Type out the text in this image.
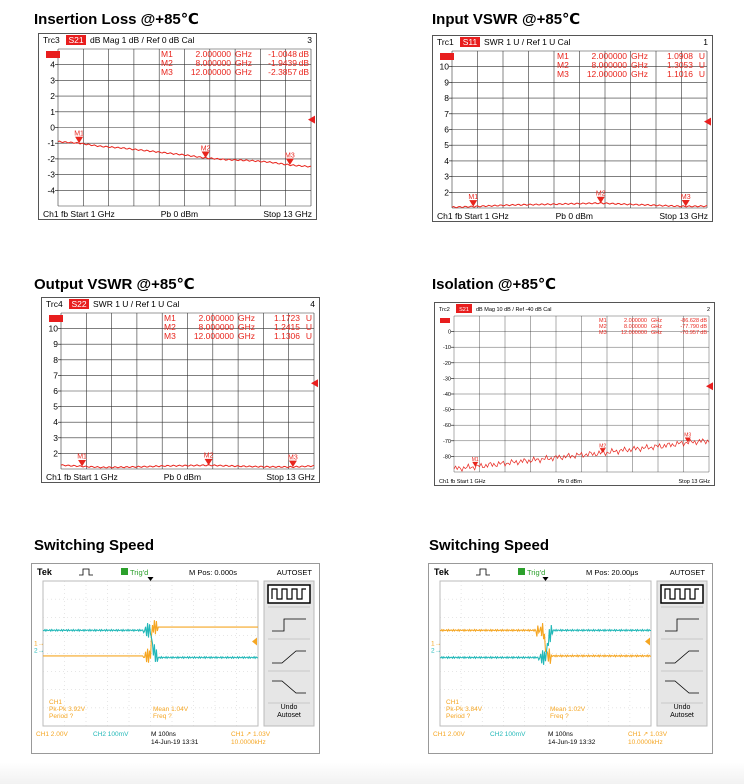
Insertion Loss @+85℃	Input VSWR @+85℃
Output VSWR @+85℃	Isolation @+85℃
Switching Speed	Switching Speed
Trc3 S21 dB Mag 1 dB / Ref 0 dB Cal	3
4
3
2
1
0
-1
-2
-3
-4
M1	2.000000 GHz -1.0048 dB
M2	8.000000 GHz -1.9439 dB
M3 12.000000 GHz -2.3857 dB
M1
M2
M3
Ch1 fb Start 1 GHz	Pb 0 dBm	Stop 13 GHz
Trc1 S11 SWR 1 U / Ref 1 U Cal	1
10
9
8
7
6
5
4
3
2
M1	2.000000 GHz 1.0908 U
M2	8.000000 GHz 1.3053 U
M3 12.000000 GHz 1.1016 U
M1	M2	M3
Ch1 fb Start 1 GHz	Pb 0 dBm	Stop 13 GHz
Trc4 S22 SWR 1 U / Ref 1 U Cal	4
10
9
8
7
6
5
4
3
2
M1	2.000000 GHz 1.1723 U
M2	8.000000 GHz 1.2415 U
M3 12.000000 GHz 1.1306 U
M1	M2	M3
Ch1 fb Start 1 GHz	Pb 0 dBm	Stop 13 GHz
Trc2 S21 dB Mag 10 dB / Ref -40 dB Cal	2
0
-10
-20
-30
-40
-50
-60
-70
-80
M1	2.000000 GHz	-86.628 dB
M2	8.000000 GHz	-77.790 dB
M3	12.000000 GHz	-70.957 dB
M1
M2
M3
Ch1 fb Start 1 GHz	Pb 0 dBm	Stop 13 GHz
Tek	Trig'd	M Pos: 0.000s	AUTOSET
1→
2→
CH1
Pk-Pk 3.92V
Period ?
Mean 1.04V
Freq ?
Undo
Autoset
CH1 2.00V	CH2 100mV	M 100ns
14-Jun-19 13:31
CH1 ↗ 1.03V
10.0000kHz
Tek	Trig'd	M Pos: 20.00μs	AUTOSET
1→
2→
CH1
Pk-Pk 3.84V
Period ?
Mean 1.02V
Freq ?
Undo
Autoset
CH1 2.00V	CH2 100mV	M 100ns
14-Jun-19 13:32
CH1 ↗ 1.03V
10.0000kHz
